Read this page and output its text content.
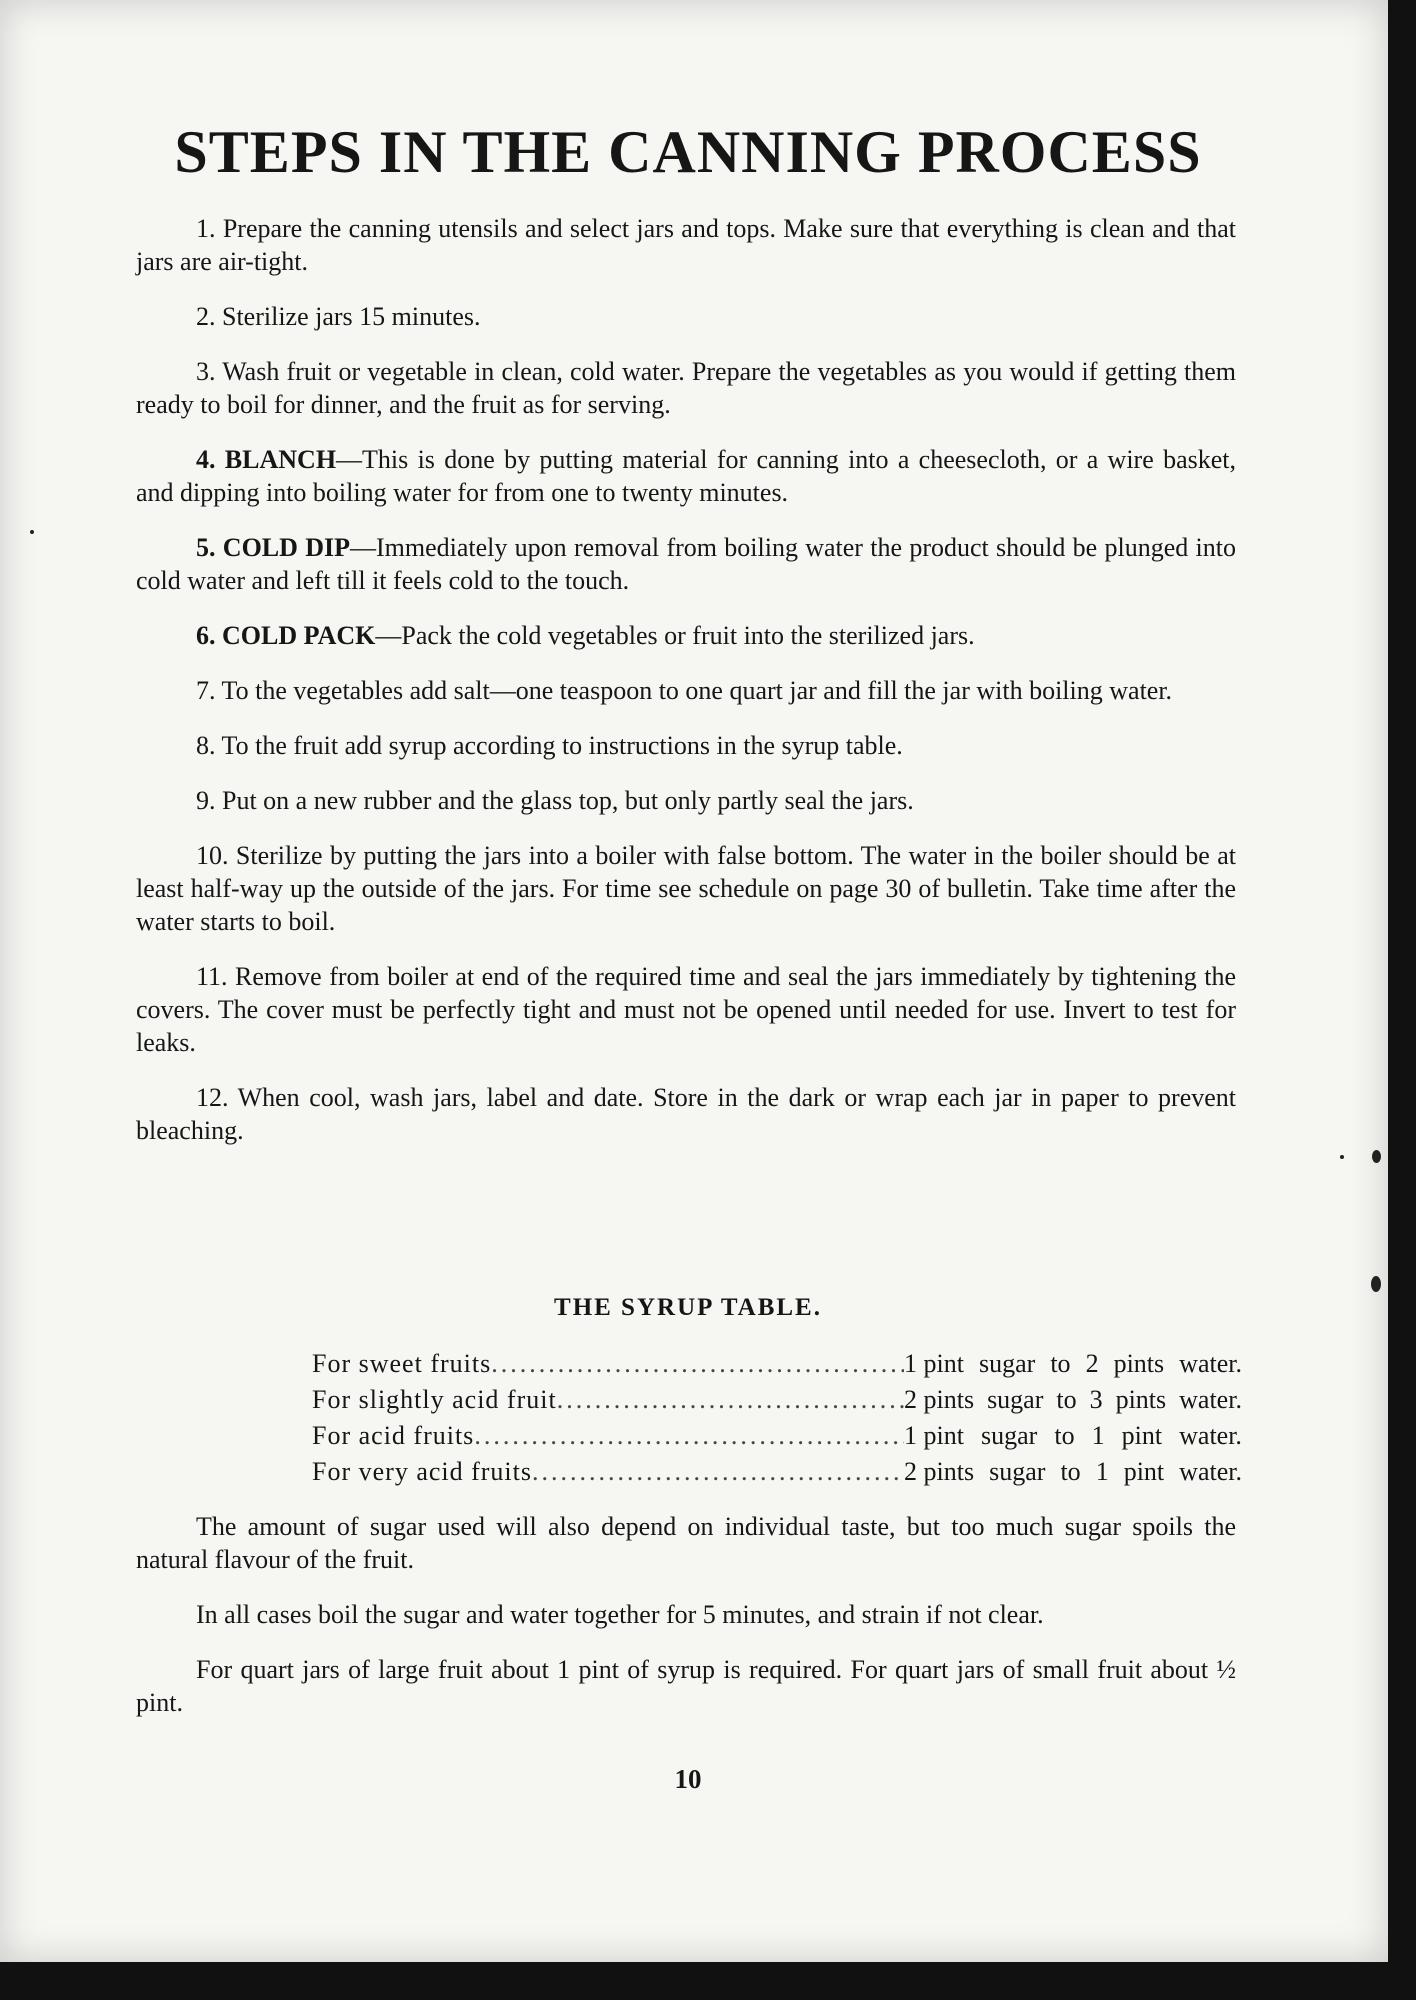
STEPS IN THE CANNING PROCESS

1. Prepare the canning utensils and select jars and tops. Make sure that everything is clean and that jars are air-tight.

2. Sterilize jars 15 minutes.

3. Wash fruit or vegetable in clean, cold water. Prepare the vegetables as you would if getting them ready to boil for dinner, and the fruit as for serving.

4. BLANCH—This is done by putting material for canning into a cheesecloth, or a wire basket, and dipping into boiling water for from one to twenty minutes.

5. COLD DIP—Immediately upon removal from boiling water the product should be plunged into cold water and left till it feels cold to the touch.

6. COLD PACK—Pack the cold vegetables or fruit into the sterilized jars.

7. To the vegetables add salt—one teaspoon to one quart jar and fill the jar with boiling water.

8. To the fruit add syrup according to instructions in the syrup table.

9. Put on a new rubber and the glass top, but only partly seal the jars.

10. Sterilize by putting the jars into a boiler with false bottom. The water in the boiler should be at least half-way up the outside of the jars. For time see schedule on page 30 of bulletin. Take time after the water starts to boil.

11. Remove from boiler at end of the required time and seal the jars immediately by tightening the covers. The cover must be perfectly tight and must not be opened until needed for use. Invert to test for leaks.

12. When cool, wash jars, label and date. Store in the dark or wrap each jar in paper to prevent bleaching.

THE SYRUP TABLE.
For sweet fruits .....	1 pint sugar to 2 pints water.
For slightly acid fruit .....	2 pints sugar to 3 pints water.
For acid fruits .....	1 pint sugar to 1 pint water.
For very acid fruits .....	2 pints sugar to 1 pint water.

The amount of sugar used will also depend on individual taste, but too much sugar spoils the natural flavour of the fruit.

In all cases boil the sugar and water together for 5 minutes, and strain if not clear.

For quart jars of large fruit about 1 pint of syrup is required. For quart jars of small fruit about ½ pint.

10
